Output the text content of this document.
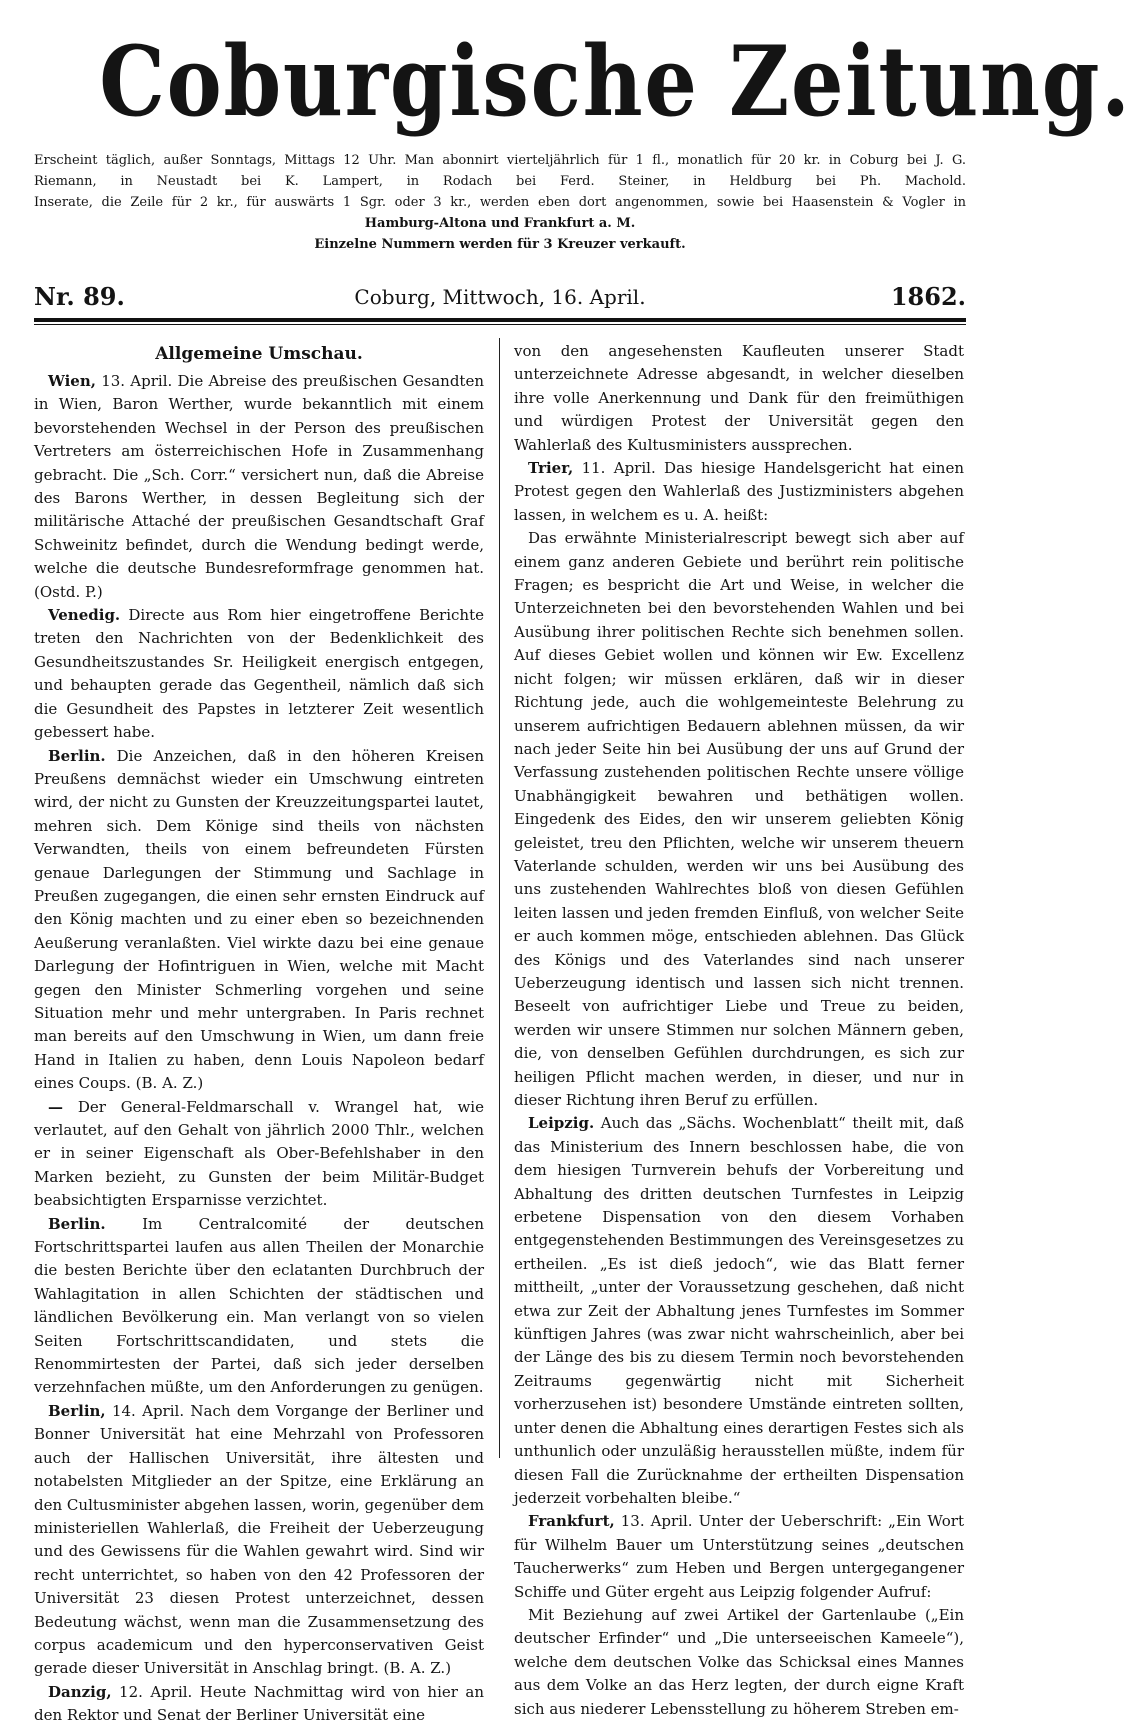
Coburgische Zeitung.

Erscheint täglich, außer Sonntags, Mittags 12 Uhr. Man abonnirt vierteljährlich für 1 fl., monatlich für 20 kr. in Coburg bei J. G.

Riemann, in Neustadt bei K. Lampert, in Rodach bei Ferd. Steiner, in Heldburg bei Ph. Machold.

Inserate, die Zeile für 2 kr., für auswärts 1 Sgr. oder 3 kr., werden eben dort angenommen, sowie bei Haasenstein & Vogler in

Hamburg-Altona und Frankfurt a. M.

Einzelne Nummern werden für 3 Kreuzer verkauft.

Nr. 89.	Coburg, Mittwoch, 16. April.	1862.
Allgemeine Umschau.

Wien, 13. April. Die Abreise des preußischen Gesandten in Wien, Baron Werther, wurde bekanntlich mit einem bevorstehenden Wechsel in der Person des preußischen Vertreters am österreichischen Hofe in Zusammenhang gebracht. Die „Sch. Corr.“ versichert nun, daß die Abreise des Barons Werther, in dessen Begleitung sich der militärische Attaché der preußischen Gesandtschaft Graf Schweinitz befindet, durch die Wendung bedingt werde, welche die deutsche Bundesreformfrage genommen hat. (Ostd. P.)

Venedig. Directe aus Rom hier eingetroffene Berichte treten den Nachrichten von der Bedenklichkeit des Gesundheitszustandes Sr. Heiligkeit energisch entgegen, und behaupten gerade das Gegentheil, nämlich daß sich die Gesundheit des Papstes in letzterer Zeit wesentlich gebessert habe.

Berlin. Die Anzeichen, daß in den höheren Kreisen Preußens demnächst wieder ein Umschwung eintreten wird, der nicht zu Gunsten der Kreuzzeitungspartei lautet, mehren sich. Dem Könige sind theils von nächsten Verwandten, theils von einem befreundeten Fürsten genaue Darlegungen der Stimmung und Sachlage in Preußen zugegangen, die einen sehr ernsten Eindruck auf den König machten und zu einer eben so bezeichnenden Aeußerung veranlaßten. Viel wirkte dazu bei eine genaue Darlegung der Hofintriguen in Wien, welche mit Macht gegen den Minister Schmerling vorgehen und seine Situation mehr und mehr untergraben. In Paris rechnet man bereits auf den Umschwung in Wien, um dann freie Hand in Italien zu haben, denn Louis Napoleon bedarf eines Coups. (B. A. Z.)

— Der General-Feldmarschall v. Wrangel hat, wie verlautet, auf den Gehalt von jährlich 2000 Thlr., welchen er in seiner Eigenschaft als Ober-Befehlshaber in den Marken bezieht, zu Gunsten der beim Militär-Budget beabsichtigten Ersparnisse verzichtet.

Berlin. Im Centralcomité der deutschen Fortschrittspartei laufen aus allen Theilen der Monarchie die besten Berichte über den eclatanten Durchbruch der Wahlagitation in allen Schichten der städtischen und ländlichen Bevölkerung ein. Man verlangt von so vielen Seiten Fortschrittscandidaten, und stets die Renommirtesten der Partei, daß sich jeder derselben verzehnfachen müßte, um den Anforderungen zu genügen.

Berlin, 14. April. Nach dem Vorgange der Berliner und Bonner Universität hat eine Mehrzahl von Professoren auch der Hallischen Universität, ihre ältesten und notabelsten Mitglieder an der Spitze, eine Erklärung an den Cultusminister abgehen lassen, worin, gegenüber dem ministeriellen Wahlerlaß, die Freiheit der Ueberzeugung und des Gewissens für die Wahlen gewahrt wird. Sind wir recht unterrichtet, so haben von den 42 Professoren der Universität 23 diesen Protest unterzeichnet, dessen Bedeutung wächst, wenn man die Zusammensetzung des corpus academicum und den hyperconservativen Geist gerade dieser Universität in Anschlag bringt. (B. A. Z.)

Danzig, 12. April. Heute Nachmittag wird von hier an den Rektor und Senat der Berliner Universität eine

von den angesehensten Kaufleuten unserer Stadt unterzeichnete Adresse abgesandt, in welcher dieselben ihre volle Anerkennung und Dank für den freimüthigen und würdigen Protest der Universität gegen den Wahlerlaß des Kultusministers aussprechen.

Trier, 11. April. Das hiesige Handelsgericht hat einen Protest gegen den Wahlerlaß des Justizministers abgehen lassen, in welchem es u. A. heißt:

Das erwähnte Ministerialrescript bewegt sich aber auf einem ganz anderen Gebiete und berührt rein politische Fragen; es bespricht die Art und Weise, in welcher die Unterzeichneten bei den bevorstehenden Wahlen und bei Ausübung ihrer politischen Rechte sich benehmen sollen. Auf dieses Gebiet wollen und können wir Ew. Excellenz nicht folgen; wir müssen erklären, daß wir in dieser Richtung jede, auch die wohlgemeinteste Belehrung zu unserem aufrichtigen Bedauern ablehnen müssen, da wir nach jeder Seite hin bei Ausübung der uns auf Grund der Verfassung zustehenden politischen Rechte unsere völlige Unabhängigkeit bewahren und bethätigen wollen. Eingedenk des Eides, den wir unserem geliebten König geleistet, treu den Pflichten, welche wir unserem theuern Vaterlande schulden, werden wir uns bei Ausübung des uns zustehenden Wahlrechtes bloß von diesen Gefühlen leiten lassen und jeden fremden Einfluß, von welcher Seite er auch kommen möge, entschieden ablehnen. Das Glück des Königs und des Vaterlandes sind nach unserer Ueberzeugung identisch und lassen sich nicht trennen. Beseelt von aufrichtiger Liebe und Treue zu beiden, werden wir unsere Stimmen nur solchen Männern geben, die, von denselben Gefühlen durchdrungen, es sich zur heiligen Pflicht machen werden, in dieser, und nur in dieser Richtung ihren Beruf zu erfüllen.

Leipzig. Auch das „Sächs. Wochenblatt“ theilt mit, daß das Ministerium des Innern beschlossen habe, die von dem hiesigen Turnverein behufs der Vorbereitung und Abhaltung des dritten deutschen Turnfestes in Leipzig erbetene Dispensation von den diesem Vorhaben entgegenstehenden Bestimmungen des Vereinsgesetzes zu ertheilen. „Es ist dieß jedoch“, wie das Blatt ferner mittheilt, „unter der Voraussetzung geschehen, daß nicht etwa zur Zeit der Abhaltung jenes Turnfestes im Sommer künftigen Jahres (was zwar nicht wahrscheinlich, aber bei der Länge des bis zu diesem Termin noch bevorstehenden Zeitraums gegenwärtig nicht mit Sicherheit vorherzusehen ist) besondere Umstände eintreten sollten, unter denen die Abhaltung eines derartigen Festes sich als unthunlich oder unzuläßig herausstellen müßte, indem für diesen Fall die Zurücknahme der ertheilten Dispensation jederzeit vorbehalten bleibe.“

Frankfurt, 13. April. Unter der Ueberschrift: „Ein Wort für Wilhelm Bauer um Unterstützung seines „deutschen Taucherwerks“ zum Heben und Bergen untergegangener Schiffe und Güter ergeht aus Leipzig folgender Aufruf:

Mit Beziehung auf zwei Artikel der Gartenlaube („Ein deutscher Erfinder“ und „Die unterseeischen Kameele“), welche dem deutschen Volke das Schicksal eines Mannes aus dem Volke an das Herz legten, der durch eigne Kraft sich aus niederer Lebensstellung zu höherem Streben em-
